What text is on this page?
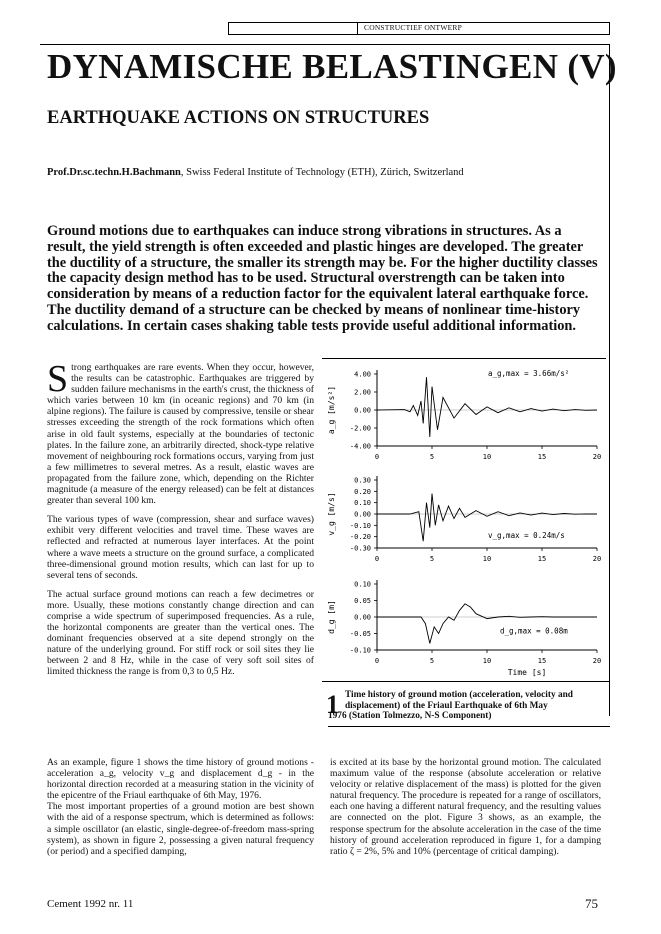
CONSTRUCTIEF ONTWERP
DYNAMISCHE BELASTINGEN (V)
EARTHQUAKE ACTIONS ON STRUCTURES
Prof.Dr.sc.techn.H.Bachmann, Swiss Federal Institute of Technology (ETH), Zürich, Switzerland
Ground motions due to earthquakes can induce strong vibrations in structures. As a result, the yield strength is often exceeded and plastic hinges are developed. The greater the ductility of a structure, the smaller its strength may be. For the higher ductility classes the capacity design method has to be used. Structural overstrength can be taken into consideration by means of a reduction factor for the equivalent lateral earthquake force. The ductility demand of a structure can be checked by means of nonlinear time-history calculations. In certain cases shaking table tests provide useful additional information.

Strong earthquakes are rare events. When they occur, however, the results can be catastrophic. Earthquakes are triggered by sudden failure mechanisms in the earth's crust, the thickness of which varies between 10 km (in oceanic regions) and 70 km (in alpine regions). The failure is caused by compressive, tensile or shear stresses exceeding the strength of the rock formations which often arise in old fault systems, especially at the boundaries of tectonic plates. In the failure zone, an arbitrarily directed, shock-type relative movement of neighbouring rock formations occurs, varying from just a few millimetres to several metres. As a result, elastic waves are propagated from the failure zone, which, depending on the Richter magnitude (a measure of the energy released) can be felt at distances greater than several 100 km.

The various types of wave (compression, shear and surface waves) exhibit very different velocities and travel time. These waves are reflected and refracted at numerous layer interfaces. At the point where a wave meets a structure on the ground surface, a complicated three-dimensional ground motion results, which can last for up to several tens of seconds.

The actual surface ground motions can reach a few decimetres or more. Usually, these motions constantly change direction and can comprise a wide spectrum of superimposed frequencies. As a rule, the horizontal components are greater than the vertical ones. The dominant frequencies observed at a site depend strongly on the nature of the underlying ground. For stiff rock or soil sites they lie between 2 and 8 Hz, while in the case of very soft soil sites of limited thickness the range is from 0,3 to 0,5 Hz.

4.00
2.00
0.00
-2.00
-4.00
0	5	10	15	20
a_g [m/s²]
a_g,max = 3.66m/s²
0.30
0.20
0.10
0.00
-0.10
-0.20
-0.30
0	5	10	15	20
v_g [m/s]	v_g,max = 0.24m/s
0.10
0.05
0.00
-0.05
-0.10
0	5	10	15	20
d_g [m]	d_g,max = 0.08m
Time [s]
1 Time history of ground motion (acceleration, velocity and displacement) of the Friaul Earthquake of 6th May
1976 (Station Tolmezzo, N-S Component)

As an example, figure 1 shows the time history of ground motions - acceleration a_g, velocity v_g and displacement d_g - in the horizontal direction recorded at a measuring station in the vicinity of the epicentre of the Friaul earthquake of 6th May, 1976.

The most important properties of a ground motion are best shown with the aid of a response spectrum, which is determined as follows: a simple oscillator (an elastic, single-degree-of-freedom mass-spring system), as shown in figure 2, possessing a given natural frequency (or period) and a specified damping,

is excited at its base by the horizontal ground motion. The calculated maximum value of the response (absolute acceleration or relative velocity or relative displacement of the mass) is plotted for the given natural frequency. The procedure is repeated for a range of oscillators, each one having a different natural frequency, and the resulting values are connected on the plot. Figure 3 shows, as an example, the response spectrum for the absolute acceleration in the case of the time history of ground acceleration reproduced in figure 1, for a damping ratio ζ = 2%, 5% and 10% (percentage of critical damping).

Cement 1992 nr. 11	75
